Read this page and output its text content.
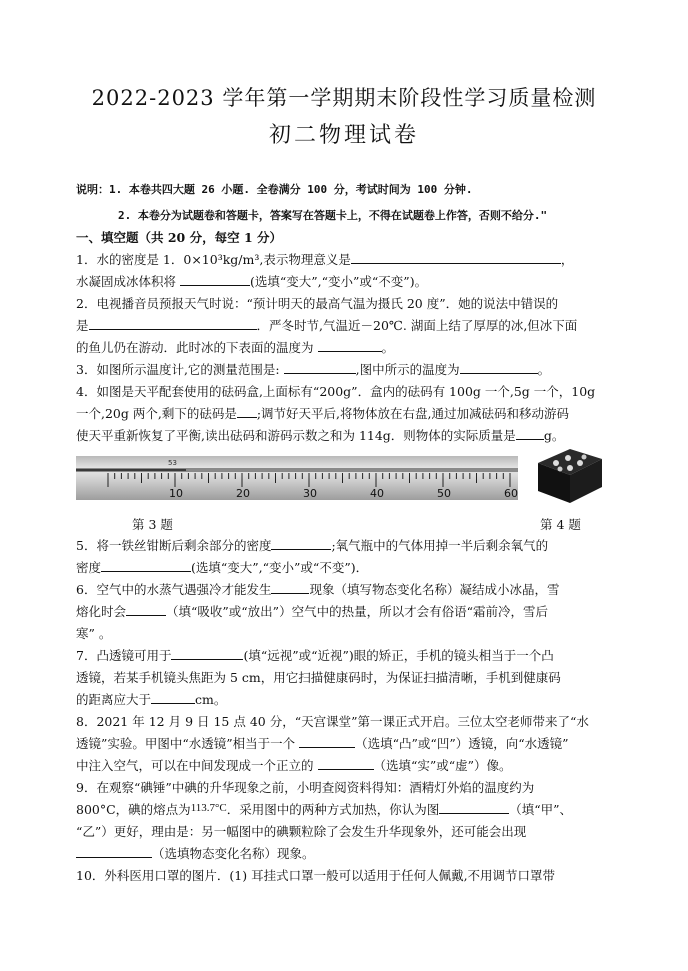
2022-2023 学年第一学期期末阶段性学习质量检测
初二物理试卷
说明：1. 本卷共四大题 26 小题. 全卷满分 100 分，考试时间为 100 分钟.
2. 本卷分为试题卷和答题卡，答案写在答题卡上，不得在试题卷上作答，否则不给分."
一、填空题（共 20 分，每空 1 分）
1．水的密度是 1．0×10³kg/m³,表示物理意义是	，
水凝固成冰体积将	(选填“变大”,“变小”或“不变”)。
2．电视播音员预报天气时说：“预计明天的最高气温为摄氏 20 度”．她的说法中错误的
是	．严冬时节,气温近－20℃. 湖面上结了厚厚的冰,但冰下面
的鱼儿仍在游动．此时冰的下表面的温度为	。
3．如图所示温度计,它的测量范围是:	,图中所示的温度为	。
4．如图是天平配套使用的砝码盒,上面标有“200g”．盒内的砝码有 100g 一个,5g 一个，10g
一个,20g 两个,剩下的砝码是 ;调节好天平后,将物体放在右盘,通过加减砝码和移动游码
使天平重新恢复了平衡,读出砝码和游码示数之和为 114g．则物体的实际质量是 g。
10	20	30	40	50	60
53
第 3 题	第 4 题
5．将一铁丝钳断后剩余部分的密度	;氧气瓶中的气体用掉一半后剩余氧气的
密度	(选填“变大”,“变小”或“不变”)．
6．空气中的水蒸气遇强冷才能发生	现象（填写物态变化名称）凝结成小冰晶，雪
熔化时会	（填“吸收”或“放出”）空气中的热量，所以才会有俗语“霜前冷，雪后
寒” 。
7．凸透镜可用于	(填“远视”或“近视”)眼的矫正，手机的镜头相当于一个凸
透镜，若某手机镜头焦距为 5 cm，用它扫描健康码时，为保证扫描清晰，手机到健康码
的距离应大于	cm。
8．2021 年 12 月 9 日 15 点 40 分，“天宫课堂”第一课正式开启。三位太空老师带来了“水
透镜”实验。甲图中“水透镜”相当于一个	（选填“凸”或“凹”）透镜，向“水透镜”
中注入空气，可以在中间发现成一个正立的	（选填“实”或“虚”）像。
9．在观察“碘锤”中碘的升华现象之前，小明查阅资料得知：酒精灯外焰的温度约为
800°C，碘的熔点为113.7°C．采用图中的两种方式加热，你认为图	（填“甲”、
“乙”）更好，理由是：另一幅图中的碘颗粒除了会发生升华现象外，还可能会出现
（选填物态变化名称）现象。
10．外科医用口罩的图片．(1) 耳挂式口罩一般可以适用于任何人佩戴,不用调节口罩带
